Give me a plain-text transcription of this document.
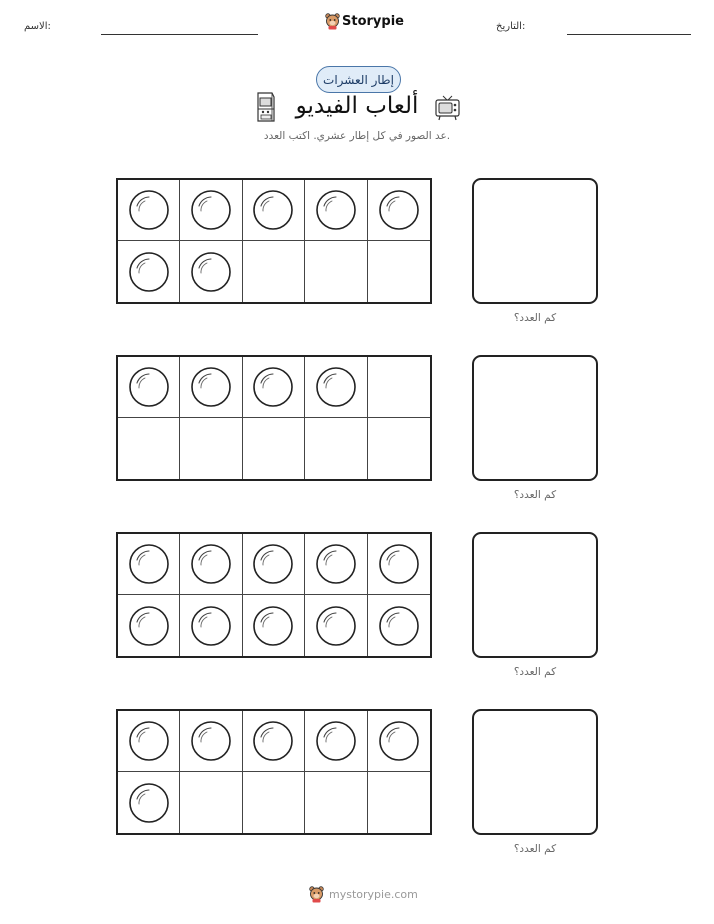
الاسم:	Storypie	التاريخ:
إطار العشرات
ألعاب الفيديو
عد الصور في كل إطار عشري. اكتب العدد.
كم العدد؟
كم العدد؟
كم العدد؟
كم العدد؟
mystorypie.com
